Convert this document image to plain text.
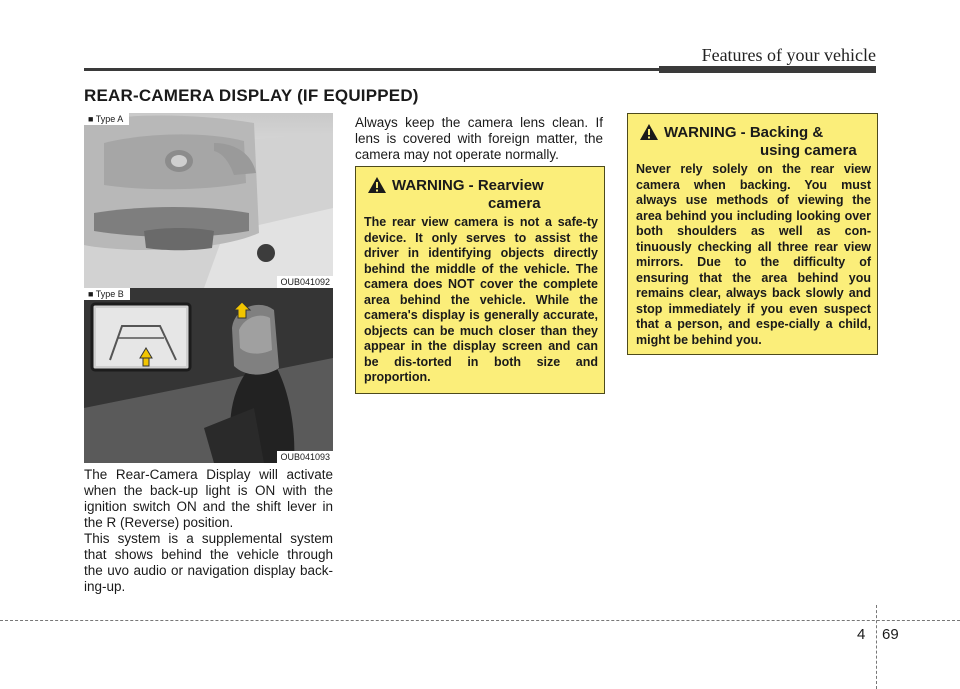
Features of your vehicle
REAR-CAMERA DISPLAY (IF EQUIPPED)
■ Type A
OUB041092
■ Type B
OUB041093
The Rear-Camera Display will activate when the back-up light is ON with the ignition switch ON and the shift lever in the R (Reverse) position.
This system is a supplemental system that shows behind the vehicle through the uvo audio or navigation display back-ing-up.
Always keep the camera lens clean. If lens is covered with foreign matter, the camera may not operate normally.
WARNING - Rearview
camera
The rear view camera is not a safe-ty device. It only serves to assist the driver in identifying objects directly behind the middle of the vehicle. The camera does NOT cover the complete area behind the vehicle. While the camera's display is generally accurate, objects can be much closer than they appear in the display screen and can be dis-torted in both size and proportion.
WARNING - Backing &
using camera
Never rely solely on the rear view camera when backing. You must always use methods of viewing the area behind you including looking over both shoulders as well as con-tinuously checking all three rear view mirrors. Due to the difficulty of ensuring that the area behind you remains clear, always back slowly and stop immediately if you even suspect that a person, and espe-cially a child, might be behind you.
4 69
